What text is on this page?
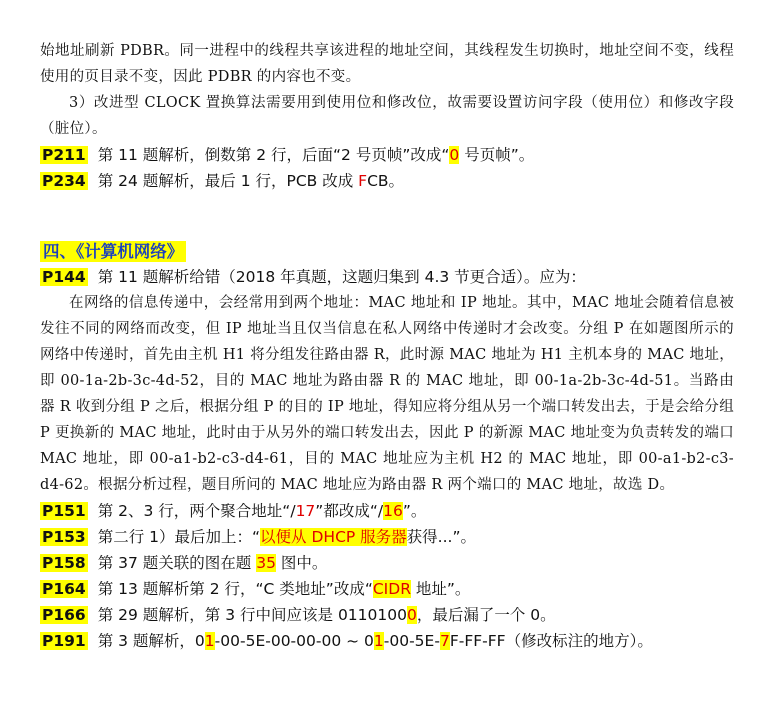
始地址刷新 PDBR。同一进程中的线程共享该进程的地址空间，其线程发生切换时，地址空间不变，线程使用的页目录不变，因此 PDBR 的内容也不变。
3）改进型 CLOCK 置换算法需要用到使用位和修改位，故需要设置访问字段（使用位）和修改字段（脏位）。
P211 第 11 题解析，倒数第 2 行，后面“2 号页帧”改成“0 号页帧”。
P234 第 24 题解析，最后 1 行，PCB 改成 FCB。
四、《计算机网络》
P144 第 11 题解析给错（2018 年真题，这题归集到 4.3 节更合适）。应为：
在网络的信息传递中，会经常用到两个地址：MAC 地址和 IP 地址。其中，MAC 地址会随着信息被发往不同的网络而改变，但 IP 地址当且仅当信息在私人网络中传递时才会改变。分组 P 在如题图所示的网络中传递时，首先由主机 H1 将分组发往路由器 R，此时源 MAC 地址为 H1 主机本身的 MAC 地址，即 00-1a-2b-3c-4d-52，目的 MAC 地址为路由器 R 的 MAC 地址，即 00-1a-2b-3c-4d-51。当路由器 R 收到分组 P 之后，根据分组 P 的目的 IP 地址，得知应将分组从另一个端口转发出去，于是会给分组 P 更换新的 MAC 地址，此时由于从另外的端口转发出去，因此 P 的新源 MAC 地址变为负责转发的端口 MAC 地址，即 00-a1-b2-c3-d4-61，目的 MAC 地址应为主机 H2 的 MAC 地址，即 00-a1-b2-c3-d4-62。根据分析过程，题目所问的 MAC 地址应为路由器 R 两个端口的 MAC 地址，故选 D。
P151 第 2、3 行，两个聚合地址“/17”都改成“/16”。
P153 第二行 1）最后加上：“以便从 DHCP 服务器获得...”。
P158 第 37 题关联的图在题 35 图中。
P164 第 13 题解析第 2 行，“C 类地址”改成“CIDR 地址”。
P166 第 29 题解析，第 3 行中间应该是 01101000，最后漏了一个 0。
P191 第 3 题解析，01-00-5E-00-00-00 ~ 01-00-5E-7F-FF-FF（修改标注的地方）。
